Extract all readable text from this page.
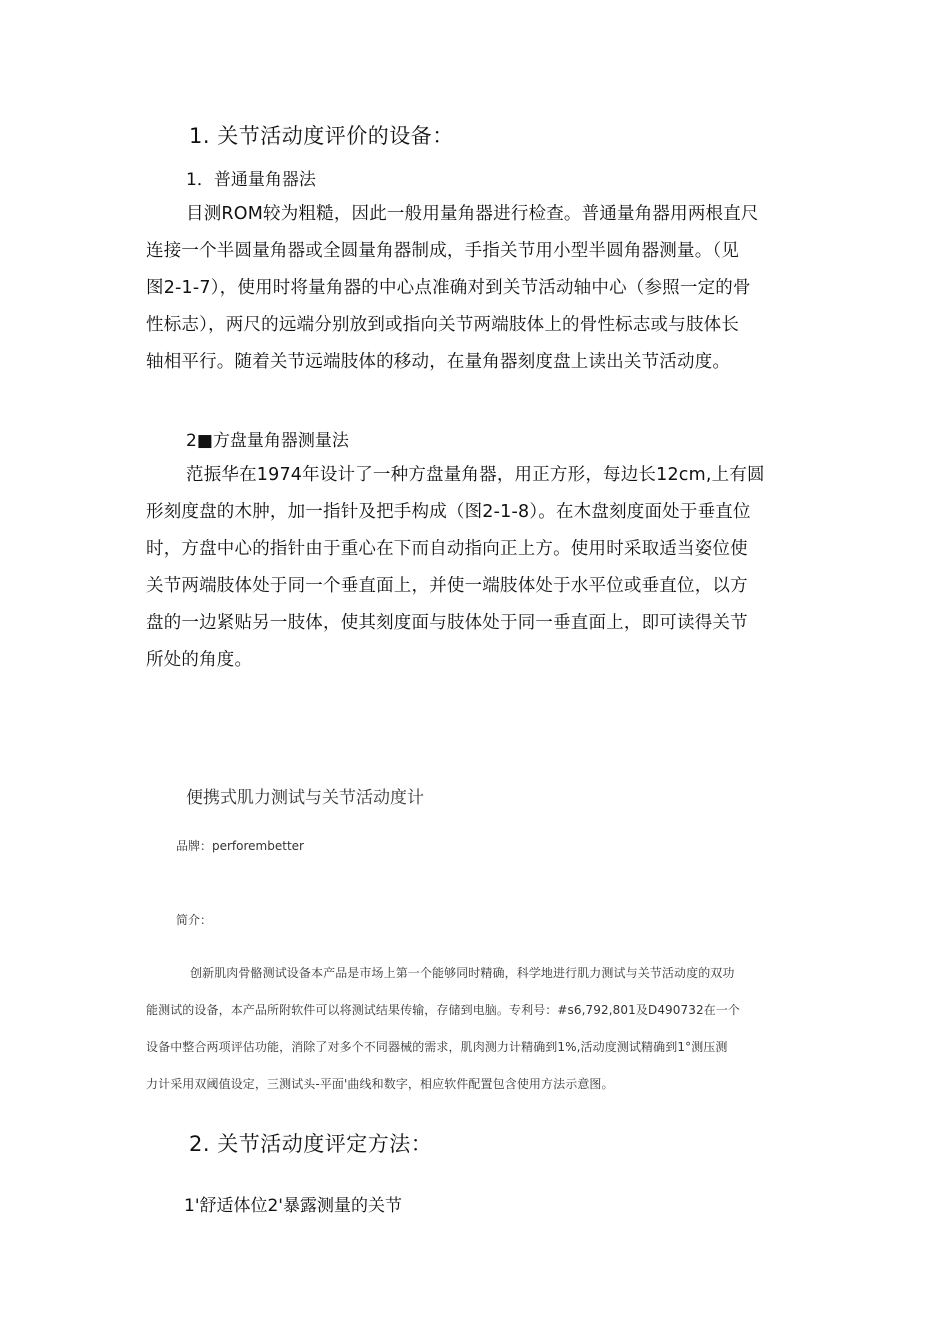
1. 关节活动度评价的设备：
1．普通量角器法
目测ROM较为粗糙，因此一般用量角器进行检查。普通量角器用两根直尺
连接一个半圆量角器或全圆量角器制成，手指关节用小型半圆角器测量。（见
图2-1-7），使用时将量角器的中心点准确对到关节活动轴中心（参照一定的骨
性标志），两尺的远端分别放到或指向关节两端肢体上的骨性标志或与肢体长
轴相平行。随着关节远端肢体的移动，在量角器刻度盘上读出关节活动度。
2■方盘量角器测量法
范振华在1974年设计了一种方盘量角器，用正方形，每边长12cm,上有圆
形刻度盘的木肿，加一指针及把手构成（图2-1-8）。在木盘刻度面处于垂直位
时，方盘中心的指针由于重心在下而自动指向正上方。使用时采取适当姿位使
关节两端肢体处于同一个垂直面上，并使一端肢体处于水平位或垂直位，以方
盘的一边紧贴另一肢体，使其刻度面与肢体处于同一垂直面上，即可读得关节
所处的角度。
便携式肌力测试与关节活动度计
品牌：perforembetter
简介：
创新肌肉骨骼测试设备本产品是市场上第一个能够同时精确，科学地进行肌力测试与关节活动度的双功
能测试的设备，本产品所附软件可以将测试结果传输，存储到电脑。专利号：#s6,792,801及D490732在一个
设备中整合两项评估功能，消除了对多个不同器械的需求，肌肉测力计精确到1%,活动度测试精确到1°测压测
力计采用双阈值设定，三测试头-平面'曲线和数字，相应软件配置包含使用方法示意图。
2. 关节活动度评定方法：
1'舒适体位2'暴露测量的关节
